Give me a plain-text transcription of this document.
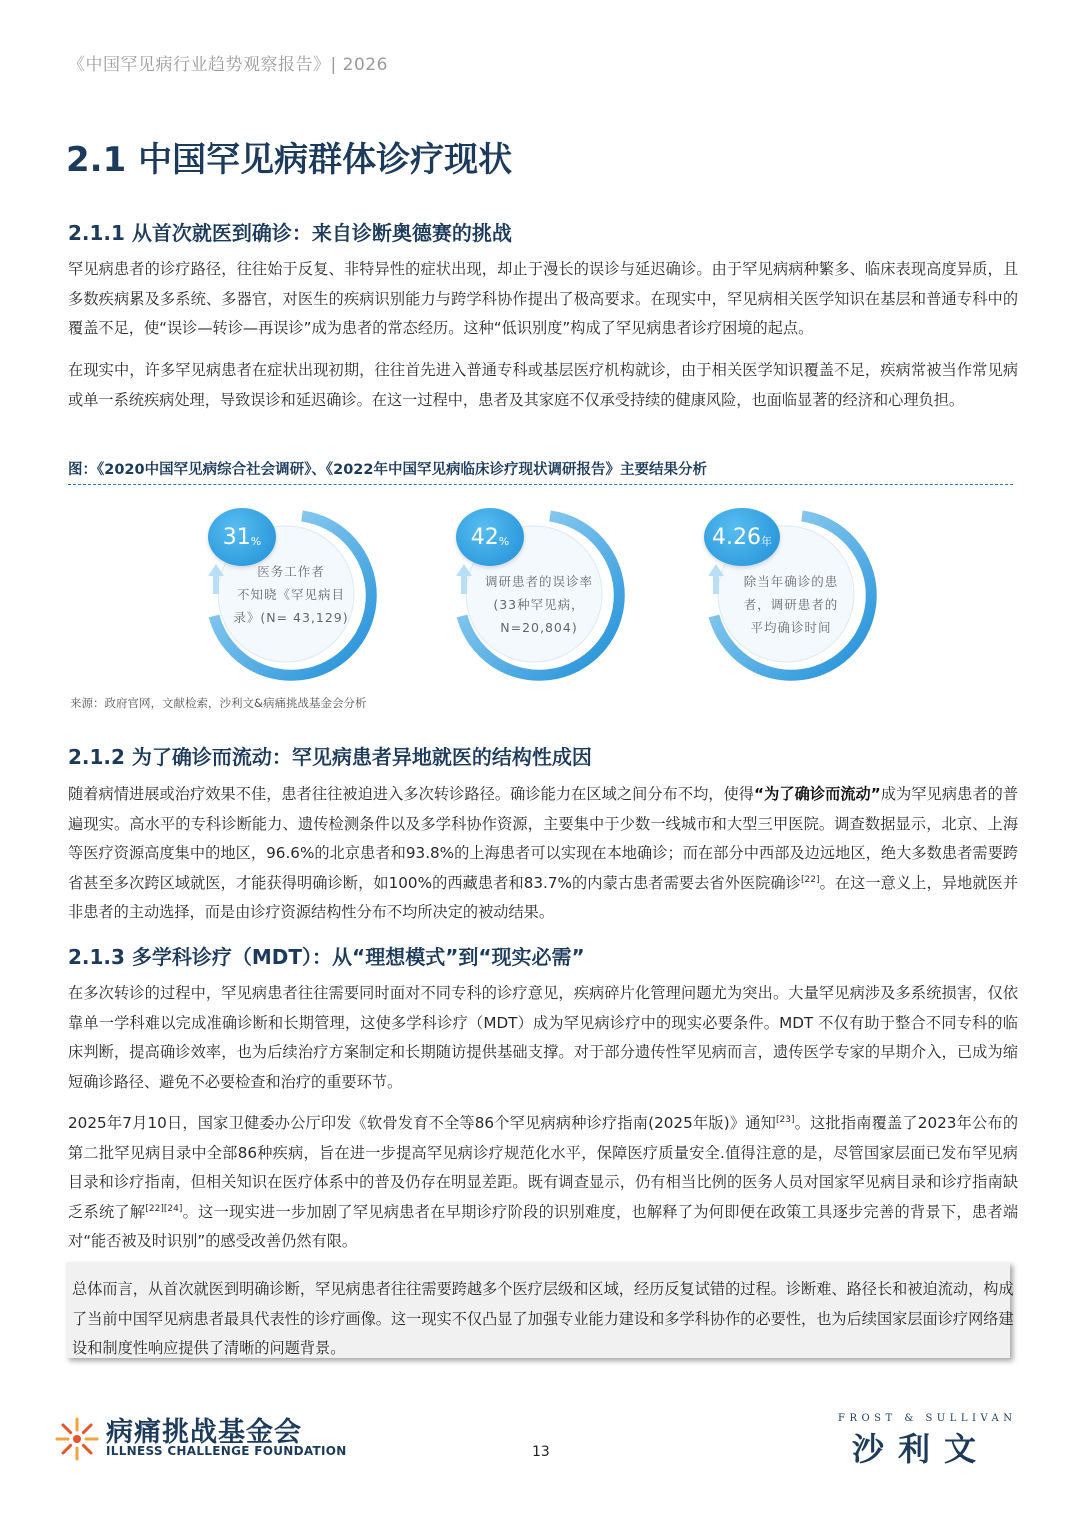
《中国罕见病行业趋势观察报告》| 2026
2.1 中国罕见病群体诊疗现状
2.1.1 从首次就医到确诊：来自诊断奥德赛的挑战

罕见病患者的诊疗路径，往往始于反复、非特异性的症状出现，却止于漫长的误诊与延迟确诊。由于罕见病病种繁多、临床表现高度异质，且多数疾病累及多系统、多器官，对医生的疾病识别能力与跨学科协作提出了极高要求。在现实中，罕见病相关医学知识在基层和普通专科中的覆盖不足，使“误诊—转诊—再误诊”成为患者的常态经历。这种“低识别度”构成了罕见病患者诊疗困境的起点。

在现实中，许多罕见病患者在症状出现初期，往往首先进入普通专科或基层医疗机构就诊，由于相关医学知识覆盖不足，疾病常被当作常见病或单一系统疾病处理，导致误诊和延迟确诊。在这一过程中，患者及其家庭不仅承受持续的健康风险，也面临显著的经济和心理负担。

图：《2020中国罕见病综合社会调研》、《2022年中国罕见病临床诊疗现状调研报告》主要结果分析
31 %
医务工作者
不知晓《罕见病目
录》(N= 43,129)
42 %
调研患者的误诊率
(33种罕见病，
N=20,804)
4.26 年
除当年确诊的患
者，调研患者的
平均确诊时间
来源：政府官网，文献检索，沙利文&病痛挑战基金会分析
2.1.2 为了确诊而流动：罕见病患者异地就医的结构性成因

随着病情进展或治疗效果不佳，患者往往被迫进入多次转诊路径。确诊能力在区域之间分布不均，使得“为了确诊而流动”成为罕见病患者的普遍现实。高水平的专科诊断能力、遗传检测条件以及多学科协作资源，主要集中于少数一线城市和大型三甲医院。调查数据显示，北京、上海等医疗资源高度集中的地区，96.6%的北京患者和93.8%的上海患者可以实现在本地确诊；而在部分中西部及边远地区，绝大多数患者需要跨省甚至多次跨区域就医，才能获得明确诊断，如100%的西藏患者和83.7%的内蒙古患者需要去省外医院确诊[22]。在这一意义上，异地就医并非患者的主动选择，而是由诊疗资源结构性分布不均所决定的被动结果。

2.1.3 多学科诊疗（MDT）：从“理想模式”到“现实必需”

在多次转诊的过程中，罕见病患者往往需要同时面对不同专科的诊疗意见，疾病碎片化管理问题尤为突出。大量罕见病涉及多系统损害，仅依靠单一学科难以完成准确诊断和长期管理，这使多学科诊疗（MDT）成为罕见病诊疗中的现实必要条件。MDT 不仅有助于整合不同专科的临床判断，提高确诊效率，也为后续治疗方案制定和长期随访提供基础支撑。对于部分遗传性罕见病而言，遗传医学专家的早期介入，已成为缩短确诊路径、避免不必要检查和治疗的重要环节。

2025年7月10日，国家卫健委办公厅印发《软骨发育不全等86个罕见病病种诊疗指南(2025年版)》通知[23]。这批指南覆盖了2023年公布的第二批罕见病目录中全部86种疾病，旨在进一步提高罕见病诊疗规范化水平，保障医疗质量安全.值得注意的是，尽管国家层面已发布罕见病目录和诊疗指南，但相关知识在医疗体系中的普及仍存在明显差距。既有调查显示，仍有相当比例的医务人员对国家罕见病目录和诊疗指南缺乏系统了解[22][24]。这一现实进一步加剧了罕见病患者在早期诊疗阶段的识别难度，也解释了为何即便在政策工具逐步完善的背景下，患者端对“能否被及时识别”的感受改善仍然有限。

总体而言，从首次就医到明确诊断，罕见病患者往往需要跨越多个医疗层级和区域，经历反复试错的过程。诊断难、路径长和被迫流动，构成了当前中国罕见病患者最具代表性的诊疗画像。这一现实不仅凸显了加强专业能力建设和多学科协作的必要性，也为后续国家层面诊疗网络建设和制度性响应提供了清晰的问题背景。

病痛挑战基金会
ILLNESS CHALLENGE FOUNDATION	13
FROST & SULLIVAN
沙利文
